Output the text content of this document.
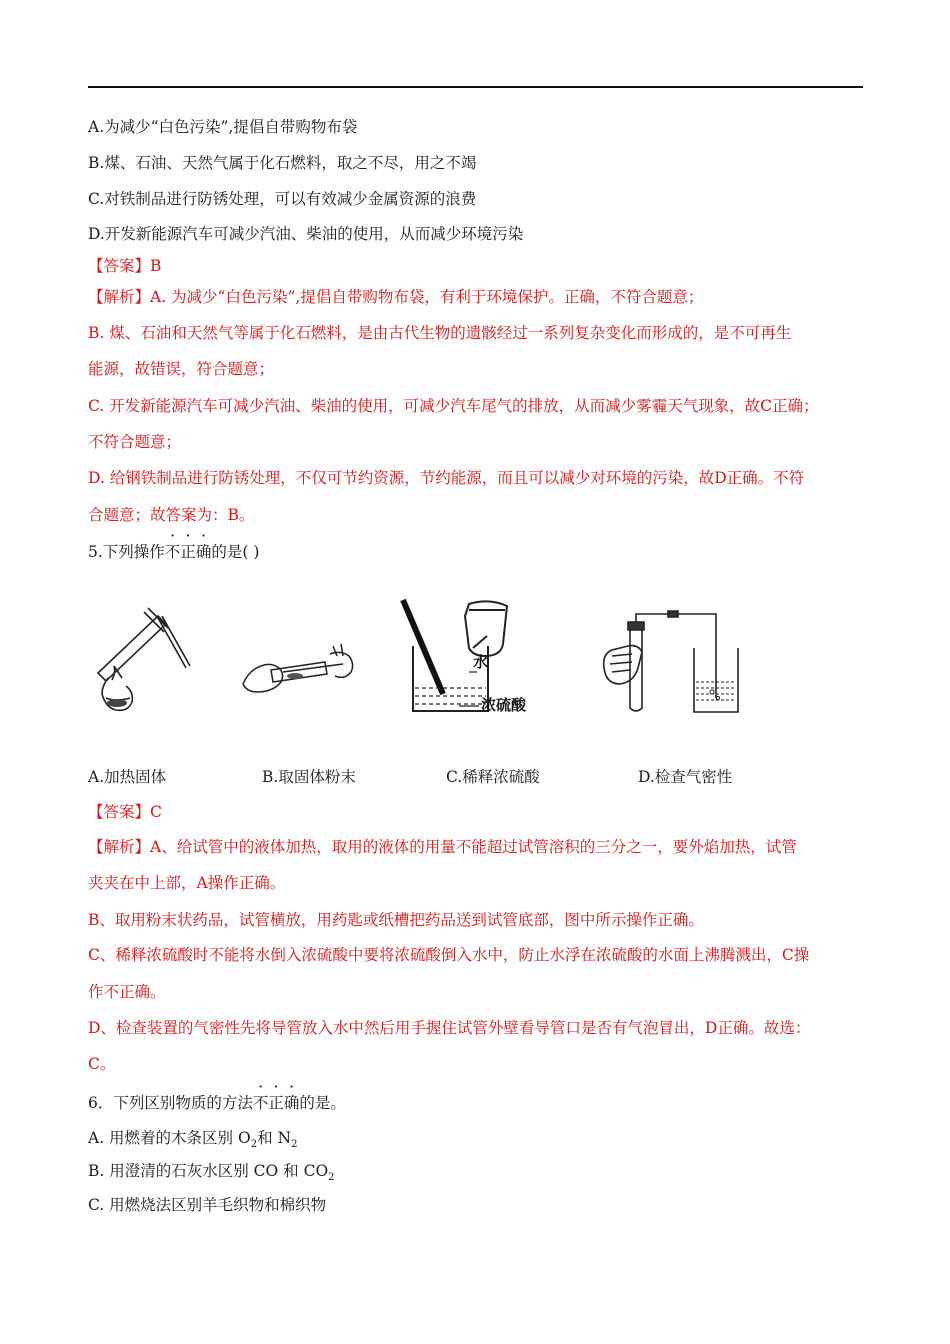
A.为减少“白色污染”,提倡自带购物布袋
B.煤、石油、天然气属于化石燃料，取之不尽，用之不竭
C.对铁制品进行防锈处理，可以有效减少金属资源的浪费
D.开发新能源汽车可减少汽油、柴油的使用，从而减少环境污染
【答案】B
【解析】A. 为减少“白色污染”,提倡自带购物布袋，有利于环境保护。正确，不符合题意；
B. 煤、石油和天然气等属于化石燃料，是由古代生物的遗骸经过一系列复杂变化而形成的，是不可再生
能源，故错误，符合题意；
C. 开发新能源汽车可减少汽油、柴油的使用，可减少汽车尾气的排放，从而减少雾霾天气现象，故C正确；
不符合题意；
D. 给钢铁制品进行防锈处理，不仅可节约资源，节约能源，而且可以减少对环境的污染，故D正确。不符
合题意；故答案为：B。
5.下列操作不正确的是( )
水
浓硫酸
A.加热固体	B.取固体粉末	C.稀释浓硫酸	D.检查气密性
【答案】C
【解析】A、给试管中的液体加热，取用的液体的用量不能超过试管溶积的三分之一，要外焰加热，试管
夹夹在中上部，A操作正确。
B、取用粉末状药品，试管横放，用药匙或纸槽把药品送到试管底部，图中所示操作正确。
C、稀释浓硫酸时不能将水倒入浓硫酸中要将浓硫酸倒入水中，防止水浮在浓硫酸的水面上沸腾溅出，C操
作不正确。
D、检查装置的气密性先将导管放入水中然后用手握住试管外壁看导管口是否有气泡冒出，D正确。故选：
C。
6．下列区别物质的方法不正确的是。
A. 用燃着的木条区别 $O_2$和 $N_2$
B. 用澄清的石灰水区别 CO 和 $CO_2$
C. 用燃烧法区别羊毛织物和棉织物
